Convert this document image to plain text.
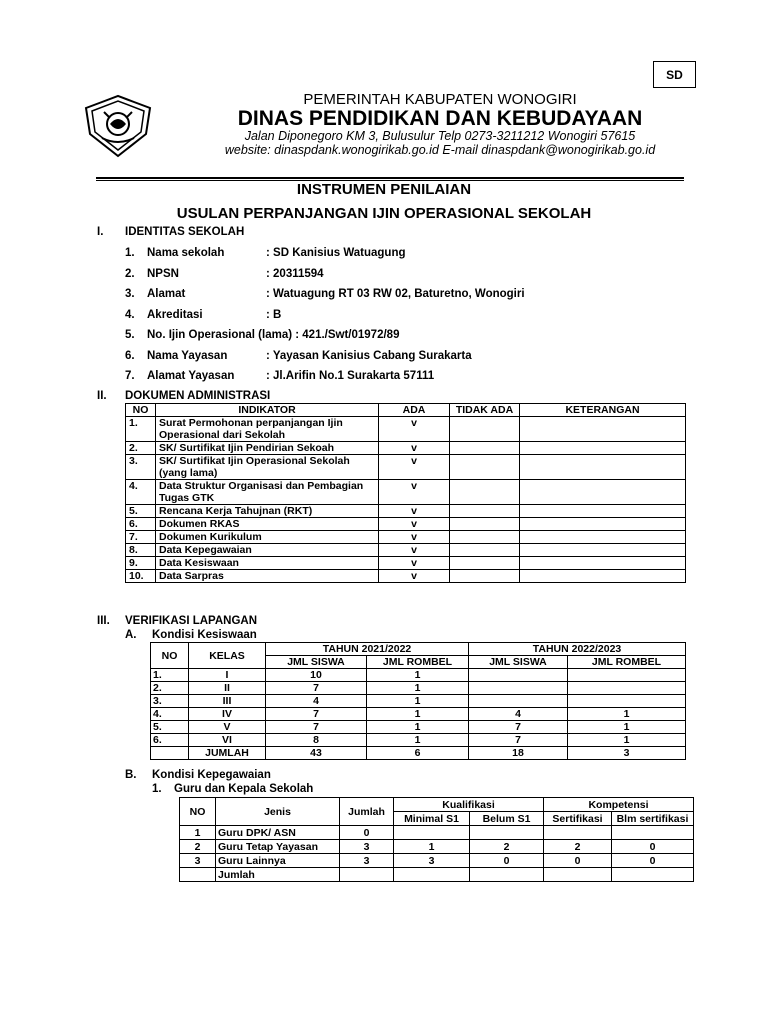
SD
PEMERINTAH KABUPATEN WONOGIRI
DINAS PENDIDIKAN DAN KEBUDAYAAN
Jalan Diponegoro KM 3, Bulusulur Telp 0273-3211212 Wonogiri 57615
website: dinaspdank.wonogirikab.go.id E-mail dinaspdank@wonogirikab.go.id
INSTRUMEN PENILAIAN
USULAN PERPANJANGAN IJIN OPERASIONAL SEKOLAH
I. IDENTITAS SEKOLAH
1. Nama sekolah	: SD Kanisius Watuagung
2. NPSN	: 20311594
3. Alamat	: Watuagung RT 03 RW 02, Baturetno, Wonogiri
4. Akreditasi	: B
5. No. Ijin Operasional (lama) : 421./Swt/01972/89
6. Nama Yayasan	: Yayasan Kanisius Cabang Surakarta
7. Alamat Yayasan	: Jl.Arifin No.1 Surakarta 57111
II. DOKUMEN ADMINISTRASI
NO	INDIKATOR	ADA	TIDAK ADA	KETERANGAN
1.	Surat Permohonan perpanjangan Ijin Operasional dari Sekolah	v		
2.	SK/ Surtifikat Ijin Pendirian Sekoah	v		
3.	SK/ Surtifikat Ijin Operasional Sekolah (yang lama)	v		
4.	Data Struktur Organisasi dan Pembagian Tugas GTK	v		
5.	Rencana Kerja Tahujnan (RKT)	v		
6.	Dokumen RKAS	v		
7.	Dokumen Kurikulum	v		
8.	Data Kepegawaian	v		
9.	Data Kesiswaan	v		
10.	Data Sarpras	v		
III. VERIFIKASI LAPANGAN
A. Kondisi Kesiswaan
NO	KELAS	TAHUN 2021/2022		TAHUN 2022/2023	
		JML SISWA	JML ROMBEL	JML SISWA	JML ROMBEL
1.	I	10	1		
2.	II	7	1		
3.	III	4	1		
4.	IV	7	1	4	1
5.	V	7	1	7	1
6.	VI	8	1	7	1
	JUMLAH	43	6	18	3
B. Kondisi Kepegawaian
1. Guru dan Kepala Sekolah
NO	Jenis	Jumlah	Kualifikasi		Kompetensi	
			Minimal S1	Belum S1	Sertifikasi	Blm sertifikasi
1	Guru DPK/ ASN	0				
2	Guru Tetap Yayasan	3	1	2	2	0
3	Guru Lainnya	3	3	0	0	0
	Jumlah					
